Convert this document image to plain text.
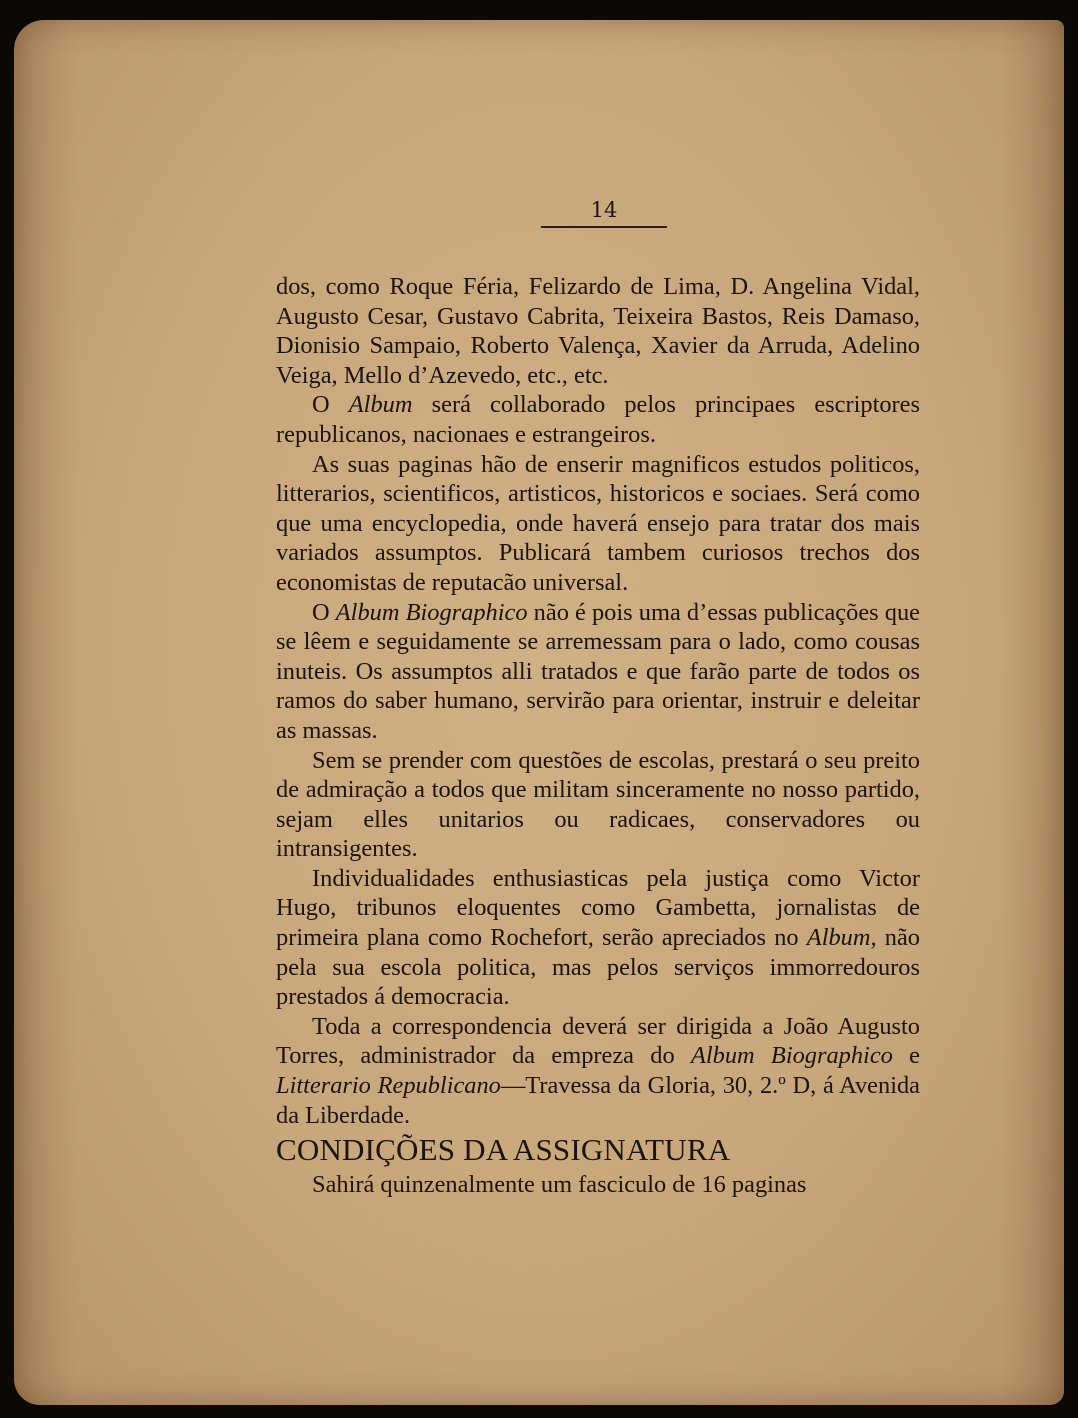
14

dos, como Roque Féria, Felizardo de Lima, D. Angelina Vidal, Augusto Cesar, Gustavo Cabrita, Teixeira Bastos, Reis Damaso, Dionisio Sampaio, Roberto Valença, Xavier da Arruda, Adelino Veiga, Mello d’Azevedo, etc., etc.

O Album será collaborado pelos principaes escriptores republicanos, nacionaes e estrangeiros.

As suas paginas hão de enserir magnificos estudos politicos, litterarios, scientificos, artisticos, historicos e sociaes. Será como que uma encyclopedia, onde haverá ensejo para tratar dos mais variados assumptos. Publicará tambem curiosos trechos dos economistas de reputacão universal.

O Album Biographico não é pois uma d’essas publicações que se lêem e seguidamente se arremessam para o lado, como cousas inuteis. Os assumptos alli tratados e que farão parte de todos os ramos do saber humano, servirão para orientar, instruir e deleitar as massas.

Sem se prender com questões de escolas, prestará o seu preito de admiração a todos que militam sinceramente no nosso partido, sejam elles unitarios ou radicaes, conservadores ou intransigentes.

Individualidades enthusiasticas pela justiça como Victor Hugo, tribunos eloquentes como Gambetta, jornalistas de primeira plana como Rochefort, serão apreciados no Album, não pela sua escola politica, mas pelos serviços immorredouros prestados á democracia.

Toda a correspondencia deverá ser dirigida a João Augusto Torres, administrador da empreza do Album Biographico e Litterario Republicano—Travessa da Gloria, 30, 2.º D, á Avenida da Liberdade.

CONDIÇÕES DA ASSIGNATURA

Sahirá quinzenalmente um fasciculo de 16 paginas
